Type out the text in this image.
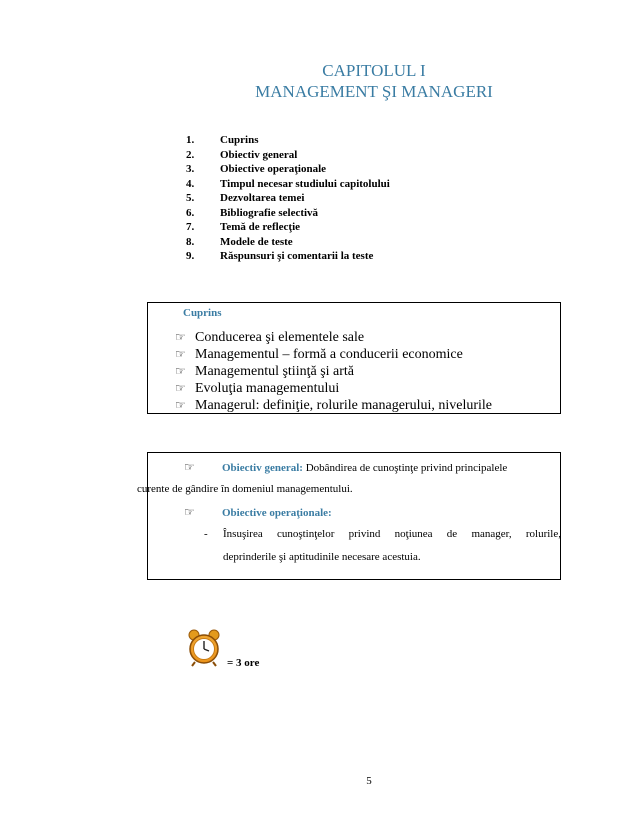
CAPITOLUL I
MANAGEMENT ŞI MANAGERI
1.	Cuprins
2.	Obiectiv general
3.	Obiective operaţionale
4.	Timpul necesar studiului capitolului
5.	Dezvoltarea temei
6.	Bibliografie selectivă
7.	Temă de reflecţie
8.	Modele de teste
9.	Răspunsuri şi comentarii la teste
Cuprins
☞ Conducerea şi elementele sale
☞ Managementul – formă a conducerii economice
☞ Managementul ştiinţă şi artă
☞ Evoluţia managementului
☞ Managerul: definiţie, rolurile managerului, nivelurile
☞ Obiectiv general: Dobândirea de cunoştinţe privind principalele
curente de gândire în domeniul managementului.
☞ Obiective operaţionale:
- Însuşirea cunoştinţelor privind noţiunea de manager, rolurile,
deprinderile şi aptitudinile necesare acestuia.
= 3 ore
5
